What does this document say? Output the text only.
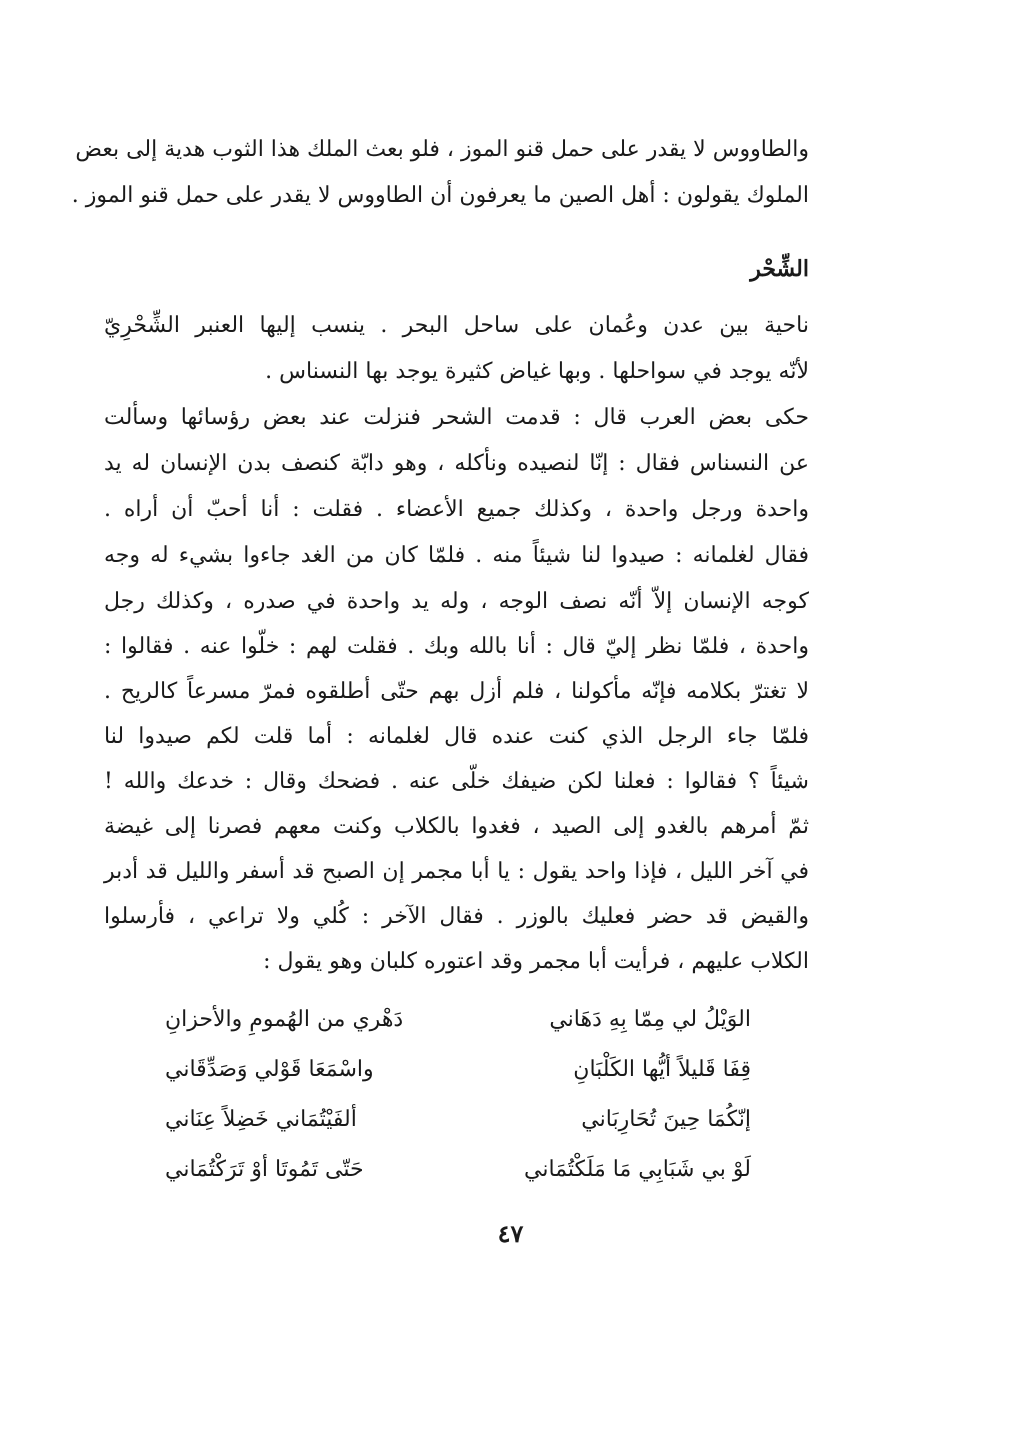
والطاووس لا يقدر على حمل قنو الموز ، فلو بعث الملك هذا الثوب هدية إلى بعض
الملوك يقولون : أهل الصين ما يعرفون أن الطاووس لا يقدر على حمل قنو الموز .
الشِّحْر
ناحية بين عدن وعُمان على ساحل البحر . ينسب إليها العنبر الشِّحْرِيّ
لأنّه يوجد في سواحلها . وبها غياض كثيرة يوجد بها النسناس .
حكى بعض العرب قال : قدمت الشحر فنزلت عند بعض رؤسائها وسألت
عن النسناس فقال : إنّا لنصيده ونأكله ، وهو دابّة كنصف بدن الإنسان له يد
واحدة ورجل واحدة ، وكذلك جميع الأعضاء . فقلت : أنا أحبّ أن أراه .
فقال لغلمانه : صيدوا لنا شيئاً منه . فلمّا كان من الغد جاءوا بشيء له وجه
كوجه الإنسان إلاّ أنّه نصف الوجه ، وله يد واحدة في صدره ، وكذلك رجل
واحدة ، فلمّا نظر إليّ قال : أنا بالله وبك . فقلت لهم : خلّوا عنه . فقالوا :
لا تغترّ بكلامه فإنّه مأكولنا ، فلم أزل بهم حتّى أطلقوه فمرّ مسرعاً كالريح .
فلمّا جاء الرجل الذي كنت عنده قال لغلمانه : أما قلت لكم صيدوا لنا
شيئاً ؟ فقالوا : فعلنا لكن ضيفك خلّى عنه . فضحك وقال : خدعك والله !
ثمّ أمرهم بالغدو إلى الصيد ، فغدوا بالكلاب وكنت معهم فصرنا إلى غيضة
في آخر الليل ، فإذا واحد يقول : يا أبا مجمر إن الصبح قد أسفر والليل قد أدبر
والقيض قد حضر فعليك بالوزر . فقال الآخر : كُلي ولا تراعي ، فأرسلوا
الكلاب عليهم ، فرأيت أبا مجمر وقد اعتوره كلبان وهو يقول :
الوَيْلُ لي مِمّا بِهِ دَهَاني
دَهْري من الهُمومِ والأحزانِ
قِفَا قَليلاً أيُّها الكَلْبَانِ
واسْمَعَا قَوْلي وَصَدِّقَاني
إنّكُمَا حِينَ تُحَارِبَاني
ألفَيْتُمَاني خَضِلاً عِنَاني
لَوْ بي شَبَابِي مَا مَلَكْتُمَاني
حَتّى تَمُوتَا أوْ تَرَكْتُمَاني
٤٧
